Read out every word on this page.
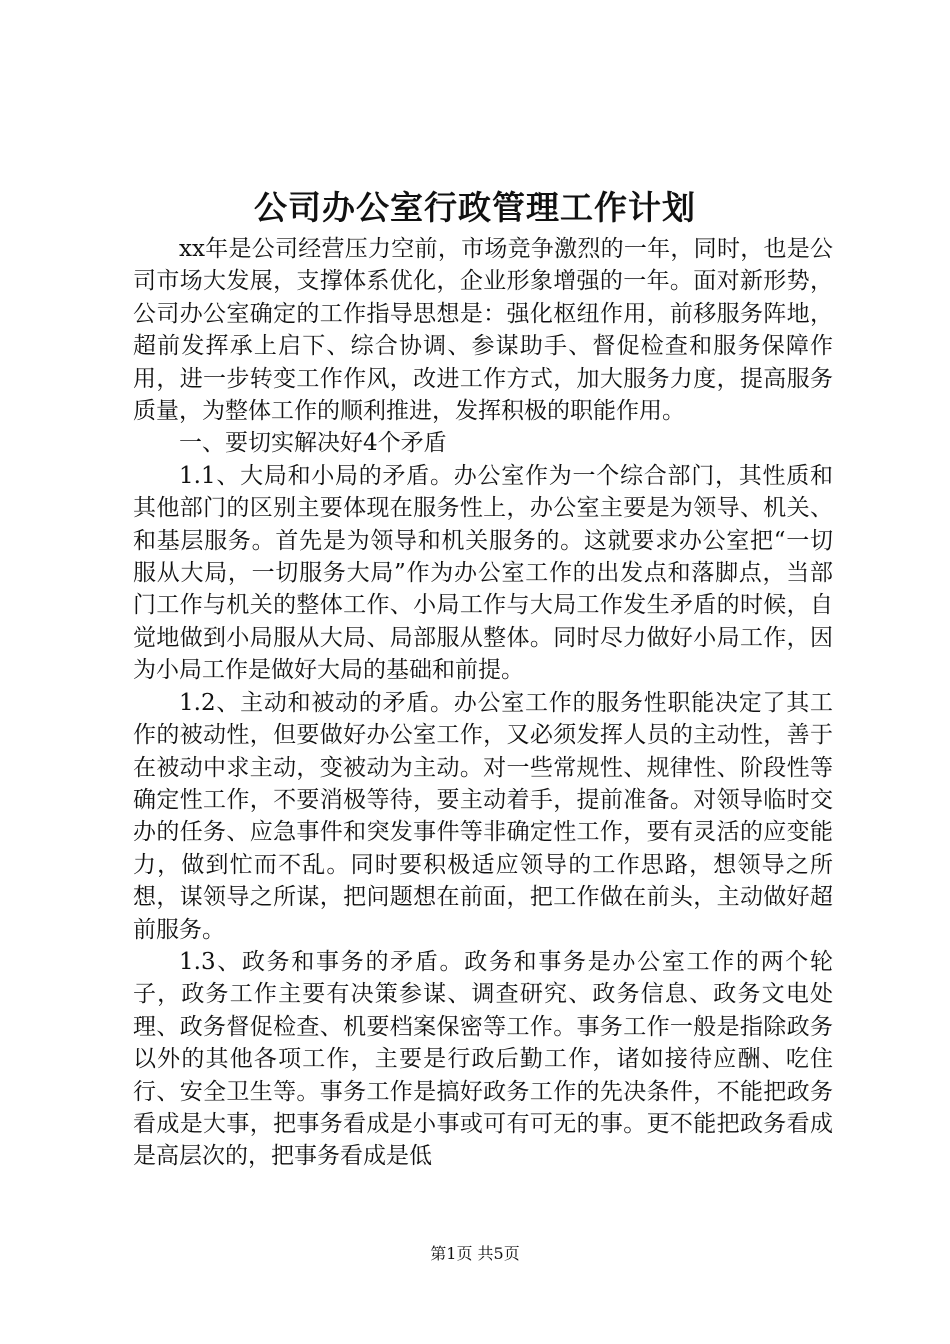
公司办公室行政管理工作计划

xx年是公司经营压力空前，市场竞争激烈的一年，同时，也是公司市场大发展，支撑体系优化，企业形象增强的一年。面对新形势，公司办公室确定的工作指导思想是：强化枢纽作用，前移服务阵地，超前发挥承上启下、综合协调、参谋助手、督促检查和服务保障作用，进一步转变工作作风，改进工作方式，加大服务力度，提高服务质量，为整体工作的顺利推进，发挥积极的职能作用。

一、要切实解决好4个矛盾

1.1、大局和小局的矛盾。办公室作为一个综合部门，其性质和其他部门的区别主要体现在服务性上，办公室主要是为领导、机关、和基层服务。首先是为领导和机关服务的。这就要求办公室把“一切服从大局，一切服务大局”作为办公室工作的出发点和落脚点，当部门工作与机关的整体工作、小局工作与大局工作发生矛盾的时候，自觉地做到小局服从大局、局部服从整体。同时尽力做好小局工作，因为小局工作是做好大局的基础和前提。

1.2、主动和被动的矛盾。办公室工作的服务性职能决定了其工作的被动性，但要做好办公室工作，又必须发挥人员的主动性，善于在被动中求主动，变被动为主动。对一些常规性、规律性、阶段性等确定性工作，不要消极等待，要主动着手，提前准备。对领导临时交办的任务、应急事件和突发事件等非确定性工作，要有灵活的应变能力，做到忙而不乱。同时要积极适应领导的工作思路，想领导之所想，谋领导之所谋，把问题想在前面，把工作做在前头，主动做好超前服务。

1.3、政务和事务的矛盾。政务和事务是办公室工作的两个轮子，政务工作主要有决策参谋、调查研究、政务信息、政务文电处理、政务督促检查、机要档案保密等工作。事务工作一般是指除政务以外的其他各项工作，主要是行政后勤工作，诸如接待应酬、吃住行、安全卫生等。事务工作是搞好政务工作的先决条件，不能把政务看成是大事，把事务看成是小事或可有可无的事。更不能把政务看成是高层次的，把事务看成是低

第1页 共5页
